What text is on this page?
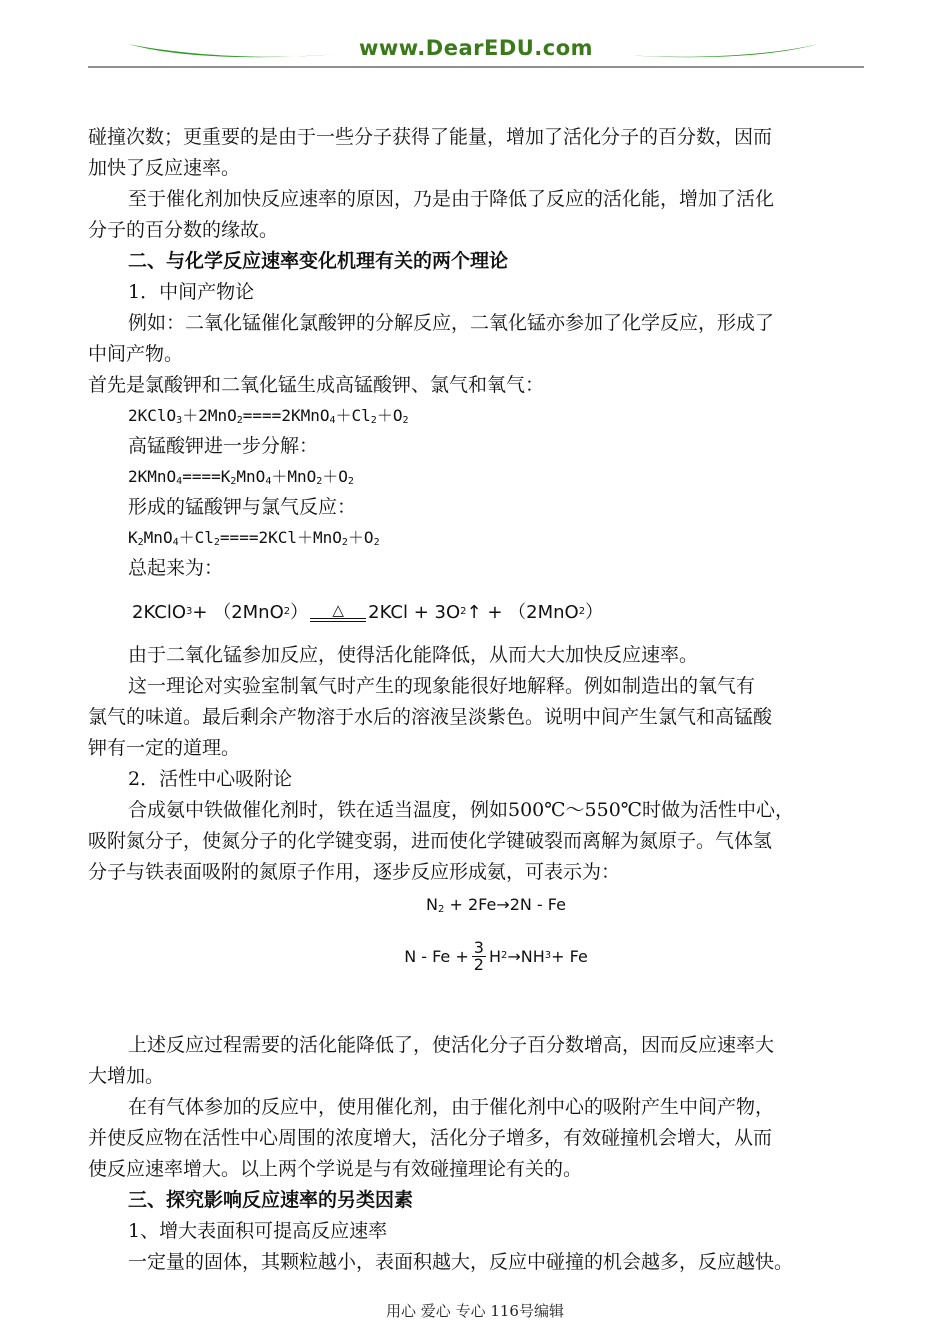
www.DearEDU.com

碰撞次数；更重要的是由于一些分子获得了能量，增加了活化分子的百分数，因而

加快了反应速率。

至于催化剂加快反应速率的原因，乃是由于降低了反应的活化能，增加了活化

分子的百分数的缘故。

二、与化学反应速率变化机理有关的两个理论

1．中间产物论

例如：二氧化锰催化氯酸钾的分解反应，二氧化锰亦参加了化学反应，形成了

中间产物。

首先是氯酸钾和二氧化锰生成高锰酸钾、氯气和氧气：

$2KClO_3+2MnO_2====2KMnO_4+Cl_2+O_2$

高锰酸钾进一步分解：

$2KMnO_4====K_2MnO_4+MnO_2+O_2$

形成的锰酸钾与氯气反应：

$K_2MnO_4+Cl_2====2KCl+MnO_2+O_2$

总起来为：

2KClO 3 + （2MnO 2 ）	△	2KCl + 3O 2 ↑ + （2MnO 2 ）

由于二氧化锰参加反应，使得活化能降低，从而大大加快反应速率。

这一理论对实验室制氧气时产生的现象能很好地解释。例如制造出的氧气有

氯气的味道。最后剩余产物溶于水后的溶液呈淡紫色。说明中间产生氯气和高锰酸

钾有一定的道理。

2．活性中心吸附论

合成氨中铁做催化剂时，铁在适当温度，例如500℃～550℃时做为活性中心，

吸附氮分子，使氮分子的化学键变弱，进而使化学键破裂而离解为氮原子。气体氢

分子与铁表面吸附的氮原子作用，逐步反应形成氨，可表示为：

$N_2 + 2Fe\to 2N - Fe$
$N - Fe + \frac{3}{2}$ H 2 →NH 3 + Fe

上述反应过程需要的活化能降低了，使活化分子百分数增高，因而反应速率大

大增加。

在有气体参加的反应中，使用催化剂，由于催化剂中心的吸附产生中间产物，

并使反应物在活性中心周围的浓度增大，活化分子增多，有效碰撞机会增大，从而

使反应速率增大。以上两个学说是与有效碰撞理论有关的。

三、探究影响反应速率的另类因素

1、增大表面积可提高反应速率

一定量的固体，其颗粒越小，表面积越大，反应中碰撞的机会越多，反应越快。

用心 爱心 专心 116号编辑
